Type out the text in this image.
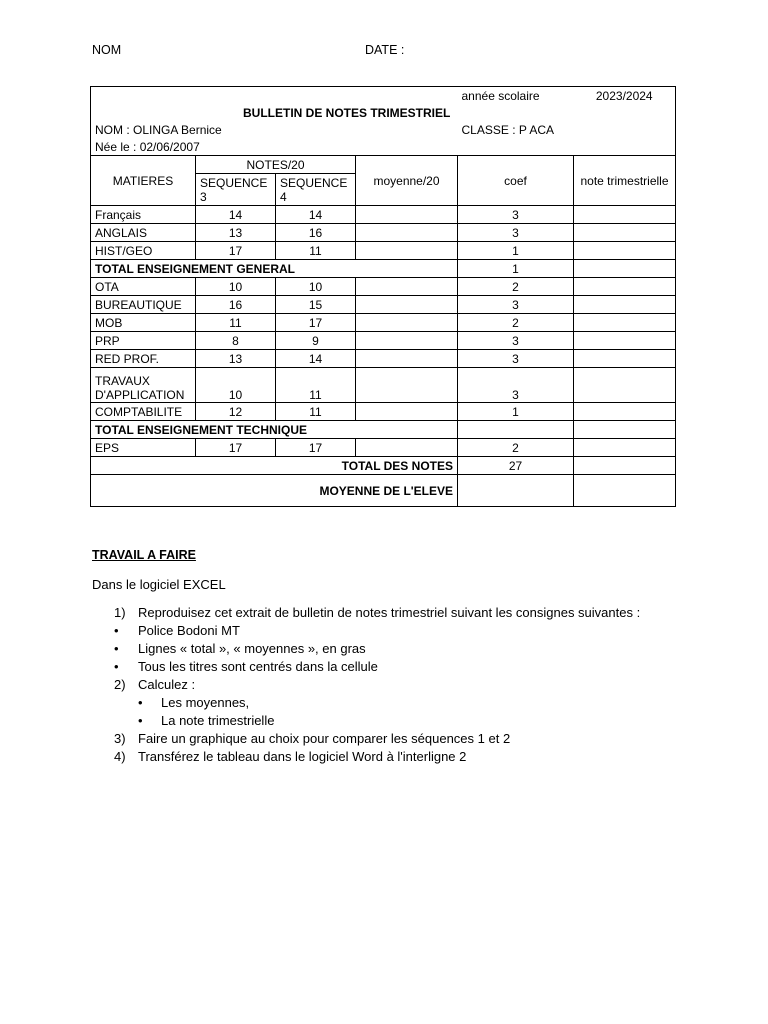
NOM	DATE :
				année scolaire	2023/2024
BULLETIN DE NOTES TRIMESTRIEL					
NOM : OLINGA Bernice				CLASSE : P ACA	
Née le : 02/06/2007					
MATIERES	NOTES/20		moyenne/20	coef	note trimestrielle
	SEQUENCE 3	SEQUENCE 4			
Français	14	14		3	
ANGLAIS	13	16		3	
HIST/GEO	17	11		1	
TOTAL ENSEIGNEMENT GENERAL				1	
OTA	10	10		2	
BUREAUTIQUE	16	15		3	
MOB	11	17		2	
PRP	8	9		3	
RED PROF.	13	14		3	
TRAVAUX D'APPLICATION	10	11		3	
COMPTABILITE	12	11		1	
TOTAL ENSEIGNEMENT TECHNIQUE					
EPS	17	17		2	
TOTAL DES NOTES				27	
MOYENNE DE L'ELEVE					
TRAVAIL A FAIRE
Dans le logiciel EXCEL
1) Reproduisez cet extrait de bulletin de notes trimestriel suivant les consignes suivantes :
•	Police Bodoni MT
•	Lignes « total », « moyennes », en gras
•	Tous les titres sont centrés dans la cellule
2) Calculez :
•	Les moyennes,
•	La note trimestrielle
3) Faire un graphique au choix pour comparer les séquences 1 et 2
4) Transférez le tableau dans le logiciel Word à l'interligne 2
